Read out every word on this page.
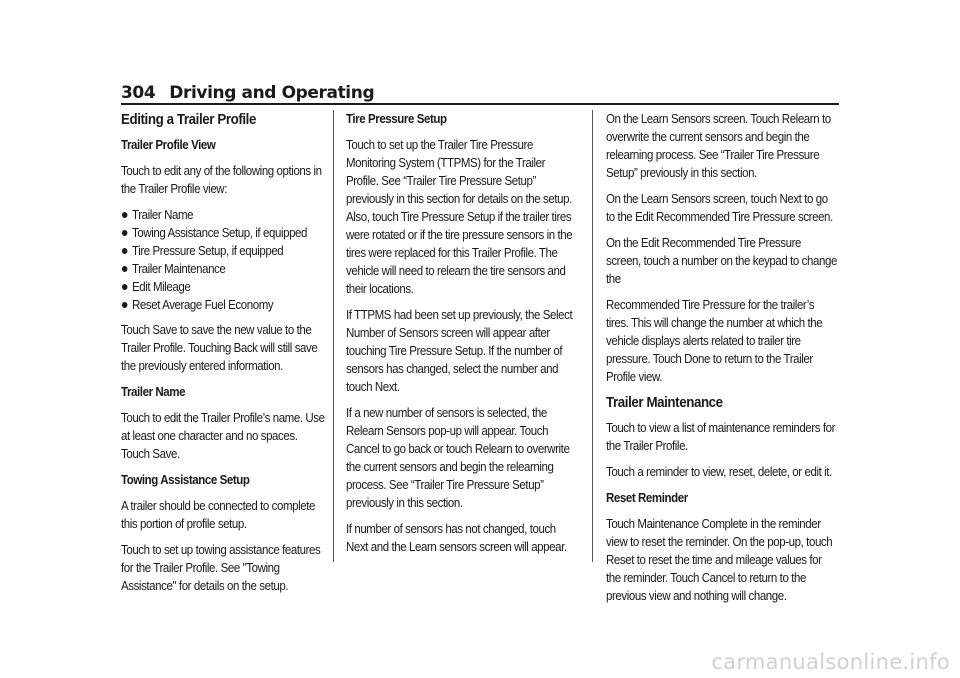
304 Driving and Operating
Editing a Trailer Profile
Trailer Profile View

Touch to edit any of the following options in the Trailer Profile view:

Trailer Name
Towing Assistance Setup, if equipped
Tire Pressure Setup, if equipped
Trailer Maintenance
Edit Mileage
Reset Average Fuel Economy

Touch Save to save the new value to the Trailer Profile. Touching Back will still save the previously entered information.

Trailer Name

Touch to edit the Trailer Profile’s name. Use at least one character and no spaces. Touch Save.

Towing Assistance Setup

A trailer should be connected to complete this portion of profile setup.

Touch to set up towing assistance features for the Trailer Profile. See "Towing Assistance" for details on the setup.

Tire Pressure Setup

Touch to set up the Trailer Tire Pressure Monitoring System (TTPMS) for the Trailer Profile. See “Trailer Tire Pressure Setup” previously in this section for details on the setup. Also, touch Tire Pressure Setup if the trailer tires were rotated or if the tire pressure sensors in the tires were replaced for this Trailer Profile. The vehicle will need to relearn the tire sensors and their locations.

If TTPMS had been set up previously, the Select Number of Sensors screen will appear after touching Tire Pressure Setup. If the number of sensors has changed, select the number and touch Next.

If a new number of sensors is selected, the Relearn Sensors pop-up will appear. Touch Cancel to go back or touch Relearn to overwrite the current sensors and begin the relearning process. See “Trailer Tire Pressure Setup” previously in this section.

If number of sensors has not changed, touch Next and the Learn sensors screen will appear.

On the Learn Sensors screen. Touch Relearn to overwrite the current sensors and begin the relearning process. See “Trailer Tire Pressure Setup” previously in this section.

On the Learn Sensors screen, touch Next to go to the Edit Recommended Tire Pressure screen.

On the Edit Recommended Tire Pressure screen, touch a number on the keypad to change the

Recommended Tire Pressure for the trailer’s tires. This will change the number at which the vehicle displays alerts related to trailer tire pressure. Touch Done to return to the Trailer Profile view.

Trailer Maintenance

Touch to view a list of maintenance reminders for the Trailer Profile.

Touch a reminder to view, reset, delete, or edit it.

Reset Reminder

Touch Maintenance Complete in the reminder view to reset the reminder. On the pop-up, touch Reset to reset the time and mileage values for the reminder. Touch Cancel to return to the previous view and nothing will change.

carmanualsonline.info
